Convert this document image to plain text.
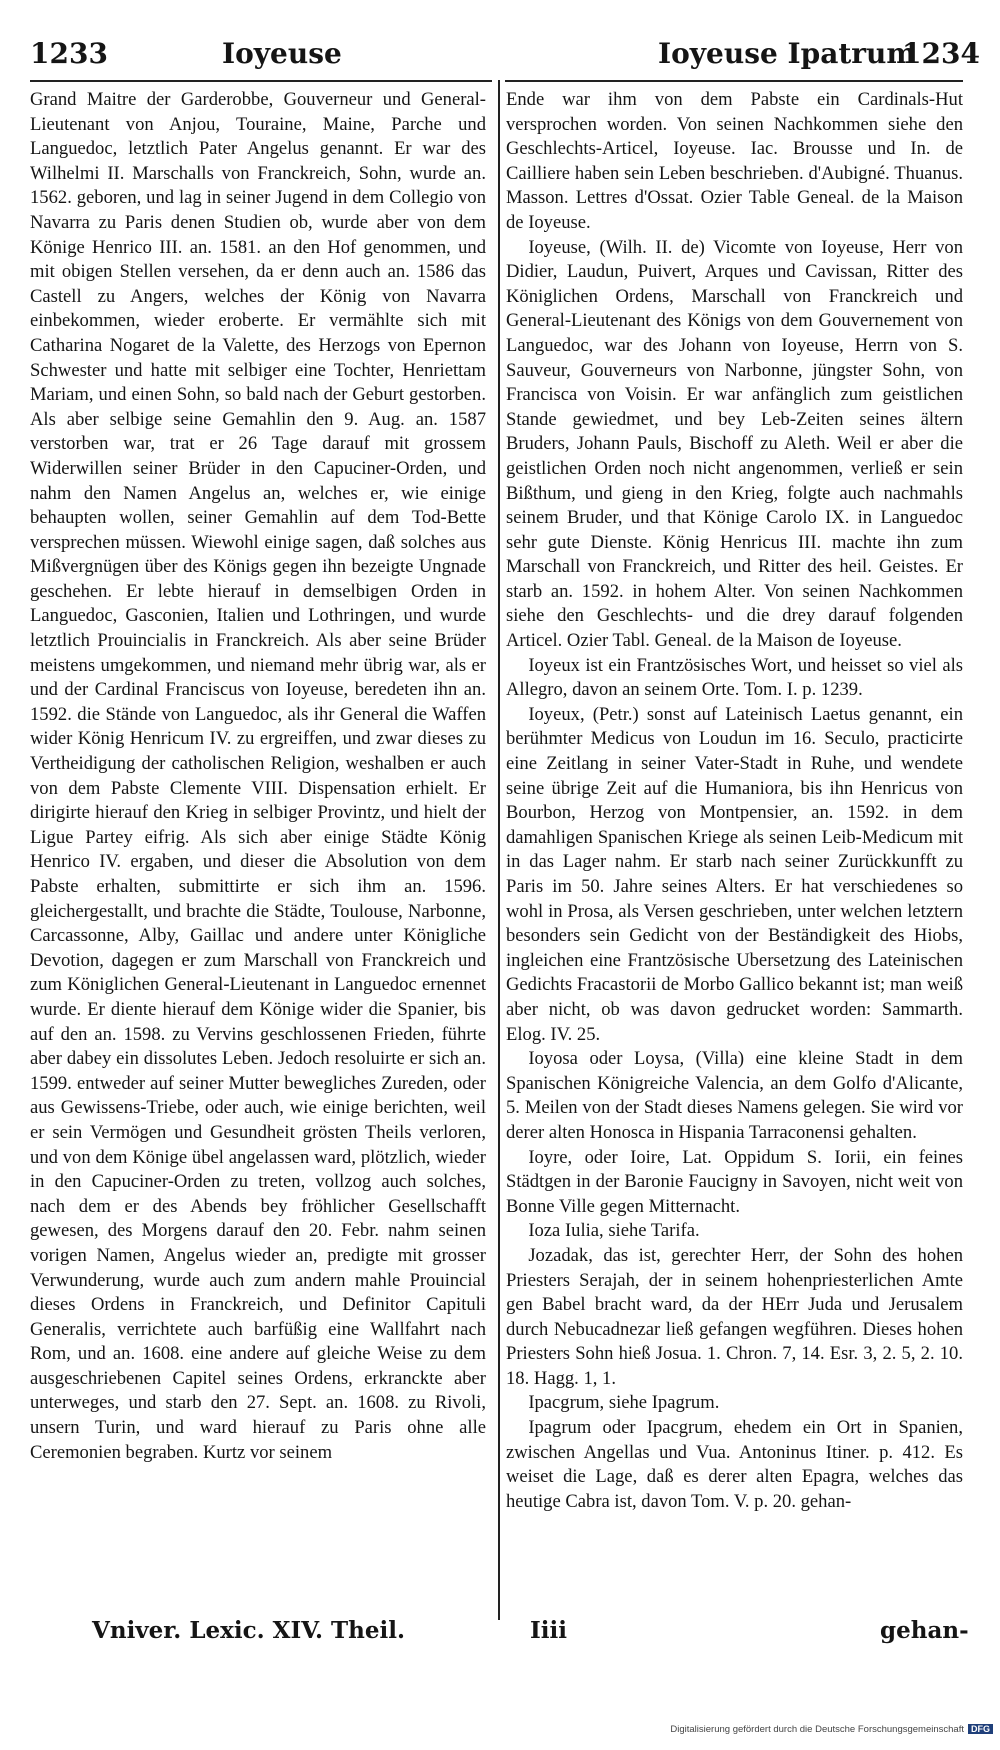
1233	Ioyeuse	Ioyeuse Ipatrum
1234

Grand Maitre der Garderobbe, Gouverneur und General-Lieutenant von Anjou, Touraine, Maine, Parche und Languedoc, letztlich Pater Angelus genannt. Er war des Wilhelmi II. Marschalls von Franckreich, Sohn, wurde an. 1562. geboren, und lag in seiner Jugend in dem Collegio von Navarra zu Paris denen Studien ob, wurde aber von dem Könige Henrico III. an. 1581. an den Hof genommen, und mit obigen Stellen versehen, da er denn auch an. 1586 das Castell zu Angers, welches der König von Navarra einbekommen, wieder eroberte. Er vermählte sich mit Catharina Nogaret de la Valette, des Herzogs von Epernon Schwester und hatte mit selbiger eine Tochter, Henriettam Mariam, und einen Sohn, so bald nach der Geburt gestorben. Als aber selbige seine Gemahlin den 9. Aug. an. 1587 verstorben war, trat er 26 Tage darauf mit grossem Widerwillen seiner Brüder in den Capuciner-Orden, und nahm den Namen Angelus an, welches er, wie einige behaupten wollen, seiner Gemahlin auf dem Tod-Bette versprechen müssen. Wiewohl einige sagen, daß solches aus Mißvergnügen über des Königs gegen ihn bezeigte Ungnade geschehen. Er lebte hierauf in demselbigen Orden in Languedoc, Gasconien, Italien und Lothringen, und wurde letztlich Prouincialis in Franckreich. Als aber seine Brüder meistens umgekommen, und niemand mehr übrig war, als er und der Cardinal Franciscus von Ioyeuse, beredeten ihn an. 1592. die Stände von Languedoc, als ihr General die Waffen wider König Henricum IV. zu ergreiffen, und zwar dieses zu Vertheidigung der catholischen Religion, weshalben er auch von dem Pabste Clemente VIII. Dispensation erhielt. Er dirigirte hierauf den Krieg in selbiger Provintz, und hielt der Ligue Partey eifrig. Als sich aber einige Städte König Henrico IV. ergaben, und dieser die Absolution von dem Pabste erhalten, submittirte er sich ihm an. 1596. gleichergestallt, und brachte die Städte, Toulouse, Narbonne, Carcassonne, Alby, Gaillac und andere unter Königliche Devotion, dagegen er zum Marschall von Franckreich und zum Königlichen General-Lieutenant in Languedoc ernennet wurde. Er diente hierauf dem Könige wider die Spanier, bis auf den an. 1598. zu Vervins geschlossenen Frieden, führte aber dabey ein dissolutes Leben. Jedoch resoluirte er sich an. 1599. entweder auf seiner Mutter bewegliches Zureden, oder aus Gewissens-Triebe, oder auch, wie einige berichten, weil er sein Vermögen und Gesundheit grösten Theils verloren, und von dem Könige übel angelassen ward, plötzlich, wieder in den Capuciner-Orden zu treten, vollzog auch solches, nach dem er des Abends bey fröhlicher Gesellschafft gewesen, des Morgens darauf den 20. Febr. nahm seinen vorigen Namen, Angelus wieder an, predigte mit grosser Verwunderung, wurde auch zum andern mahle Prouincial dieses Ordens in Franckreich, und Definitor Capituli Generalis, verrichtete auch barfüßig eine Wallfahrt nach Rom, und an. 1608. eine andere auf gleiche Weise zu dem ausgeschriebenen Capitel seines Ordens, erkranckte aber unterweges, und starb den 27. Sept. an. 1608. zu Rivoli, unsern Turin, und ward hierauf zu Paris ohne alle Ceremonien begraben. Kurtz vor seinem

Ende war ihm von dem Pabste ein Cardinals-Hut versprochen worden. Von seinen Nachkommen siehe den Geschlechts-Articel, Ioyeuse. Iac. Brousse und In. de Cailliere haben sein Leben beschrieben. d'Aubigné. Thuanus. Masson. Lettres d'Ossat. Ozier Table Geneal. de la Maison de Ioyeuse.

Ioyeuse, (Wilh. II. de) Vicomte von Ioyeuse, Herr von Didier, Laudun, Puivert, Arques und Cavissan, Ritter des Königlichen Ordens, Marschall von Franckreich und General-Lieutenant des Königs von dem Gouvernement von Languedoc, war des Johann von Ioyeuse, Herrn von S. Sauveur, Gouverneurs von Narbonne, jüngster Sohn, von Francisca von Voisin. Er war anfänglich zum geistlichen Stande gewiedmet, und bey Leb-Zeiten seines ältern Bruders, Johann Pauls, Bischoff zu Aleth. Weil er aber die geistlichen Orden noch nicht angenommen, verließ er sein Bißthum, und gieng in den Krieg, folgte auch nachmahls seinem Bruder, und that Könige Carolo IX. in Languedoc sehr gute Dienste. König Henricus III. machte ihn zum Marschall von Franckreich, und Ritter des heil. Geistes. Er starb an. 1592. in hohem Alter. Von seinen Nachkommen siehe den Geschlechts- und die drey darauf folgenden Articel. Ozier Tabl. Geneal. de la Maison de Ioyeuse.

Ioyeux ist ein Frantzösisches Wort, und heisset so viel als Allegro, davon an seinem Orte. Tom. I. p. 1239.

Ioyeux, (Petr.) sonst auf Lateinisch Laetus genannt, ein berühmter Medicus von Loudun im 16. Seculo, practicirte eine Zeitlang in seiner Vater-Stadt in Ruhe, und wendete seine übrige Zeit auf die Humaniora, bis ihn Henricus von Bourbon, Herzog von Montpensier, an. 1592. in dem damahligen Spanischen Kriege als seinen Leib-Medicum mit in das Lager nahm. Er starb nach seiner Zurückkunfft zu Paris im 50. Jahre seines Alters. Er hat verschiedenes so wohl in Prosa, als Versen geschrieben, unter welchen letztern besonders sein Gedicht von der Beständigkeit des Hiobs, ingleichen eine Frantzösische Ubersetzung des Lateinischen Gedichts Fracastorii de Morbo Gallico bekannt ist; man weiß aber nicht, ob was davon gedrucket worden: Sammarth. Elog. IV. 25.

Ioyosa oder Loysa, (Villa) eine kleine Stadt in dem Spanischen Königreiche Valencia, an dem Golfo d'Alicante, 5. Meilen von der Stadt dieses Namens gelegen. Sie wird vor derer alten Honosca in Hispania Tarraconensi gehalten.

Ioyre, oder Ioire, Lat. Oppidum S. Iorii, ein feines Städtgen in der Baronie Faucigny in Savoyen, nicht weit von Bonne Ville gegen Mitternacht.

Ioza Iulia, siehe Tarifa.

Jozadak, das ist, gerechter Herr, der Sohn des hohen Priesters Serajah, der in seinem hohenpriesterlichen Amte gen Babel bracht ward, da der HErr Juda und Jerusalem durch Nebucadnezar ließ gefangen wegführen. Dieses hohen Priesters Sohn hieß Josua. 1. Chron. 7, 14. Esr. 3, 2. 5, 2. 10. 18. Hagg. 1, 1.

Ipacgrum, siehe Ipagrum.

Ipagrum oder Ipacgrum, ehedem ein Ort in Spanien, zwischen Angellas und Vua. Antoninus Itiner. p. 412. Es weiset die Lage, daß es derer alten Epagra, welches das heutige Cabra ist, davon Tom. V. p. 20. gehan-

Vniver. Lexic. XIV. Theil.	Iiii	gehan-
Digitalisierung gefördert durch die Deutsche Forschungsgemeinschaft DFG
